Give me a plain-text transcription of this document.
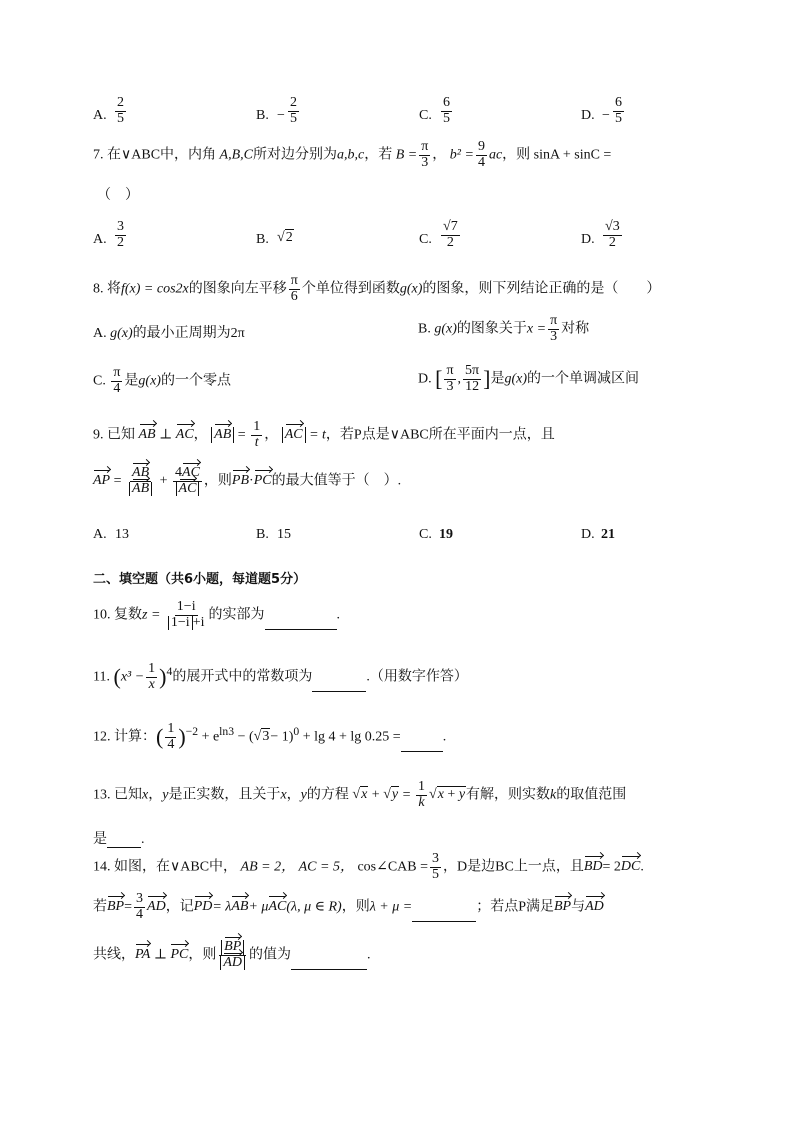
A. $\frac{2}{5}$	B. − $\frac{2}{5}$	C. $\frac{6}{5}$	D. − $\frac{6}{5}$
7. 在∨ABC中，内角 A,B,C所对边分别为a,b,c，若 $B = \frac{\pi}{3}$ ， $b^2 = \frac{9}{4}$ ac，则 sinA + sinC =
（　）
A. $\frac{3}{2}$	B. √2	C. $\frac{√7}{2}$	D. $\frac{√3}{2}$
8. 将f(x) = cos2x的图象向左平移 $\frac{\pi}{6}$ 个单位得到函数g(x)的图象，则下列结论正确的是（　　）
A. g(x)的最小正周期为2π	B. g(x)的图象关于$x = \frac{\pi}{3}$ 对称
C. $\frac{\pi}{4}$ 是g(x)的一个零点	D. [ $\frac{\pi}{3}$ , $\frac{5\pi}{12}$ ]是g(x)的一个单调减区间
9. 已知 AB ⊥ AC， AB = $\frac{1}{t}$ ， AC = t，若P点是∨ABC所在平面内一点，且
AP = $\frac{AB}{AB} + \frac{4AC}{AC}$ ，则PB·PC的最大值等于（　）.
A. 13	B. 15	C. 19	D. 21
二、填空题（共6小题，每道题5分）
10. 复数$z = \frac{1-i}{1-i +i}$ 的实部为	.
11. $(x^3 - \frac{1}{x} )^4$的展开式中的常数项为	.（用数字作答）
12. 计算：( $\frac{1}{4} )^{-2} + e^{ln3} - (√3- 1)^0 + \lg 4 + \lg 0.25$ =	.
13. 已知x，y是正实数，且关于x，y的方程 $√x + √y = \frac{1}{k} √x + y$有解，则实数k的取值范围
是 .
14. 如图，在∨ABC中， AB = 2， AC = 5， cos∠CAB = $\frac{3}{5}$ ，D是边BC上一点，且BD= 2DC.
若$BP= \frac{3}{4}$ AD，记PD= λAB+ μAC(λ, μ ∈ R)，则λ + μ =	；若点P满足BP与AD
共线，PA ⊥ PC，则 $\frac{BP}{AD}$ 的值为	.
